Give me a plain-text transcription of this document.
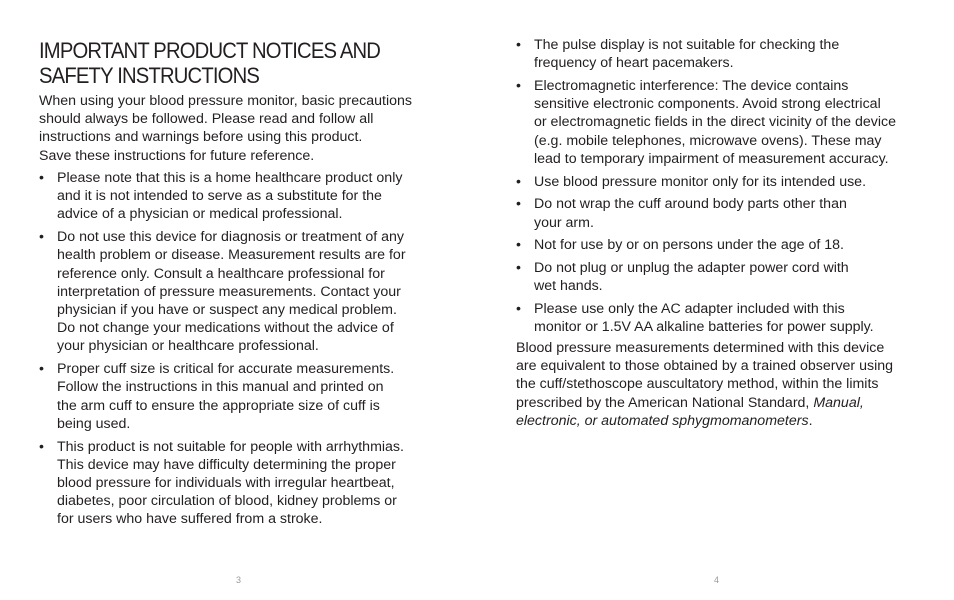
IMPORTANT PRODUCT NOTICES AND SAFETY INSTRUCTIONS

When using your blood pressure monitor, basic precautions
should always be followed. Please read and follow all
instructions and warnings before using this product.
Save these instructions for future reference.

• Please note that this is a home healthcare product only
and it is not intended to serve as a substitute for the
advice of a physician or medical professional.
• Do not use this device for diagnosis or treatment of any
health problem or disease. Measurement results are for
reference only. Consult a healthcare professional for
interpretation of pressure measurements. Contact your
physician if you have or suspect any medical problem.
Do not change your medications without the advice of
your physician or healthcare professional.
• Proper cuff size is critical for accurate measurements.
Follow the instructions in this manual and printed on
the arm cuff to ensure the appropriate size of cuff is
being used.
• This product is not suitable for people with arrhythmias.
This device may have difficulty determining the proper
blood pressure for individuals with irregular heartbeat,
diabetes, poor circulation of blood, kidney problems or
for users who have suffered from a stroke.
3
• The pulse display is not suitable for checking the
frequency of heart pacemakers.
• Electromagnetic interference: The device contains
sensitive electronic components. Avoid strong electrical
or electromagnetic fields in the direct vicinity of the device
(e.g. mobile telephones, microwave ovens). These may
lead to temporary impairment of measurement accuracy.
• Use blood pressure monitor only for its intended use.
• Do not wrap the cuff around body parts other than
your arm.
• Not for use by or on persons under the age of 18.
• Do not plug or unplug the adapter power cord with
wet hands.
• Please use only the AC adapter included with this
monitor or 1.5V AA alkaline batteries for power supply.

Blood pressure measurements determined with this device
are equivalent to those obtained by a trained observer using
the cuff/stethoscope auscultatory method, within the limits
prescribed by the American National Standard, Manual,
electronic, or automated sphygmomanometers.

4
